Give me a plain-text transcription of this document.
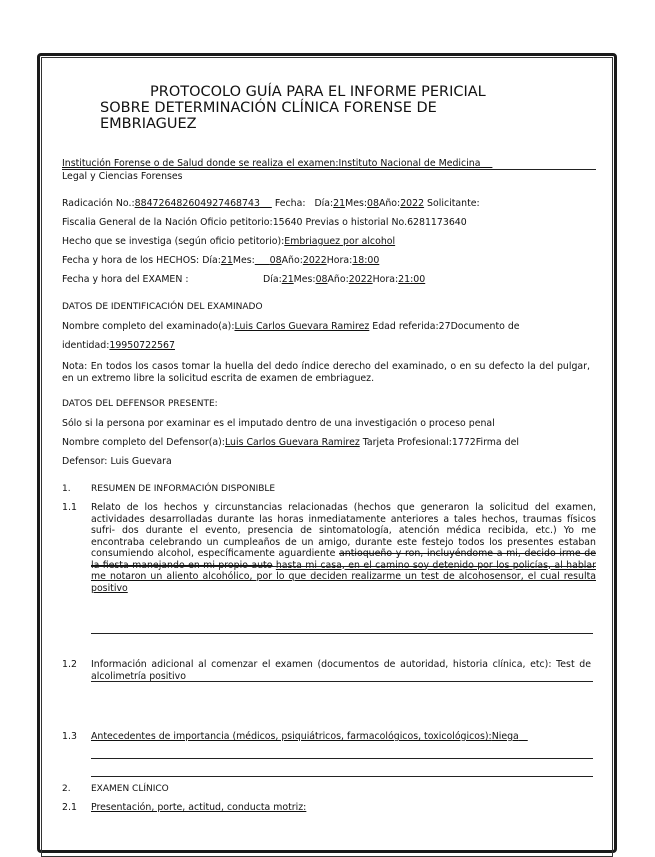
PROTOCOLO GUÍA PARA EL INFORME PERICIAL
SOBRE DETERMINACIÓN CLÍNICA FORENSE DE
EMBRIAGUEZ
Institución Forense o de Salud donde se realiza el examen:Instituto Nacional de Medicina
Legal y Ciencias Forenses
Radicación No.:884726482604927468743 Fecha: Día:21Mes:08Año:2022 Solicitante:
Fiscalia General de la Nación Oficio petitorio:15640 Previas o historial No.6281173640
Hecho que se investiga (según oficio petitorio):Embriaguez por alcohol
Fecha y hora de los HECHOS: Día:21Mes: 08Año:2022Hora:18:00
Fecha y hora del EXAMEN :	Día:21Mes:08Año:2022Hora:21:00
DATOS DE IDENTIFICACIÓN DEL EXAMINADO
Nombre completo del examinado(a):Luis Carlos Guevara Ramirez Edad referida:27Documento de
identidad:19950722567
Nota: En todos los casos tomar la huella del dedo índice derecho del examinado, o en su defecto la del pulgar, en un extremo libre la solicitud escrita de examen de embriaguez.
DATOS DEL DEFENSOR PRESENTE:
Sólo si la persona por examinar es el imputado dentro de una investigación o proceso penal
Nombre completo del Defensor(a):Luis Carlos Guevara Ramirez Tarjeta Profesional:1772Firma del
Defensor: Luis Guevara
1. RESUMEN DE INFORMACIÓN DISPONIBLE
1.1 Relato de los hechos y circunstancias relacionadas (hechos que generaron la solicitud del examen, actividades desarrolladas durante las horas inmediatamente anteriores a tales hechos, traumas físicos sufri- dos durante el evento, presencia de sintomatología, atención médica recibida, etc.) Yo me encontraba celebrando un cumpleaños de un amigo, durante este festejo todos los presentes estaban consumiendo alcohol, específicamente aguardiente antioqueño y ron, incluyéndome a mi, decido irme de la fiesta manejando en mi propio auto hasta mi casa, en el camino soy detenido por los policías, al hablar me notaron un aliento alcohólico, por lo que deciden realizarme un test de alcohosensor, el cual resulta positivo
1.2 Información adicional al comenzar el examen (documentos de autoridad, historia clínica, etc): Test de alcolimetría positivo
1.3 Antecedentes de importancia (médicos, psiquiátricos, farmacológicos, toxicológicos):Niega
2. EXAMEN CLÍNICO
2.1 Presentación, porte, actitud, conducta motriz:
